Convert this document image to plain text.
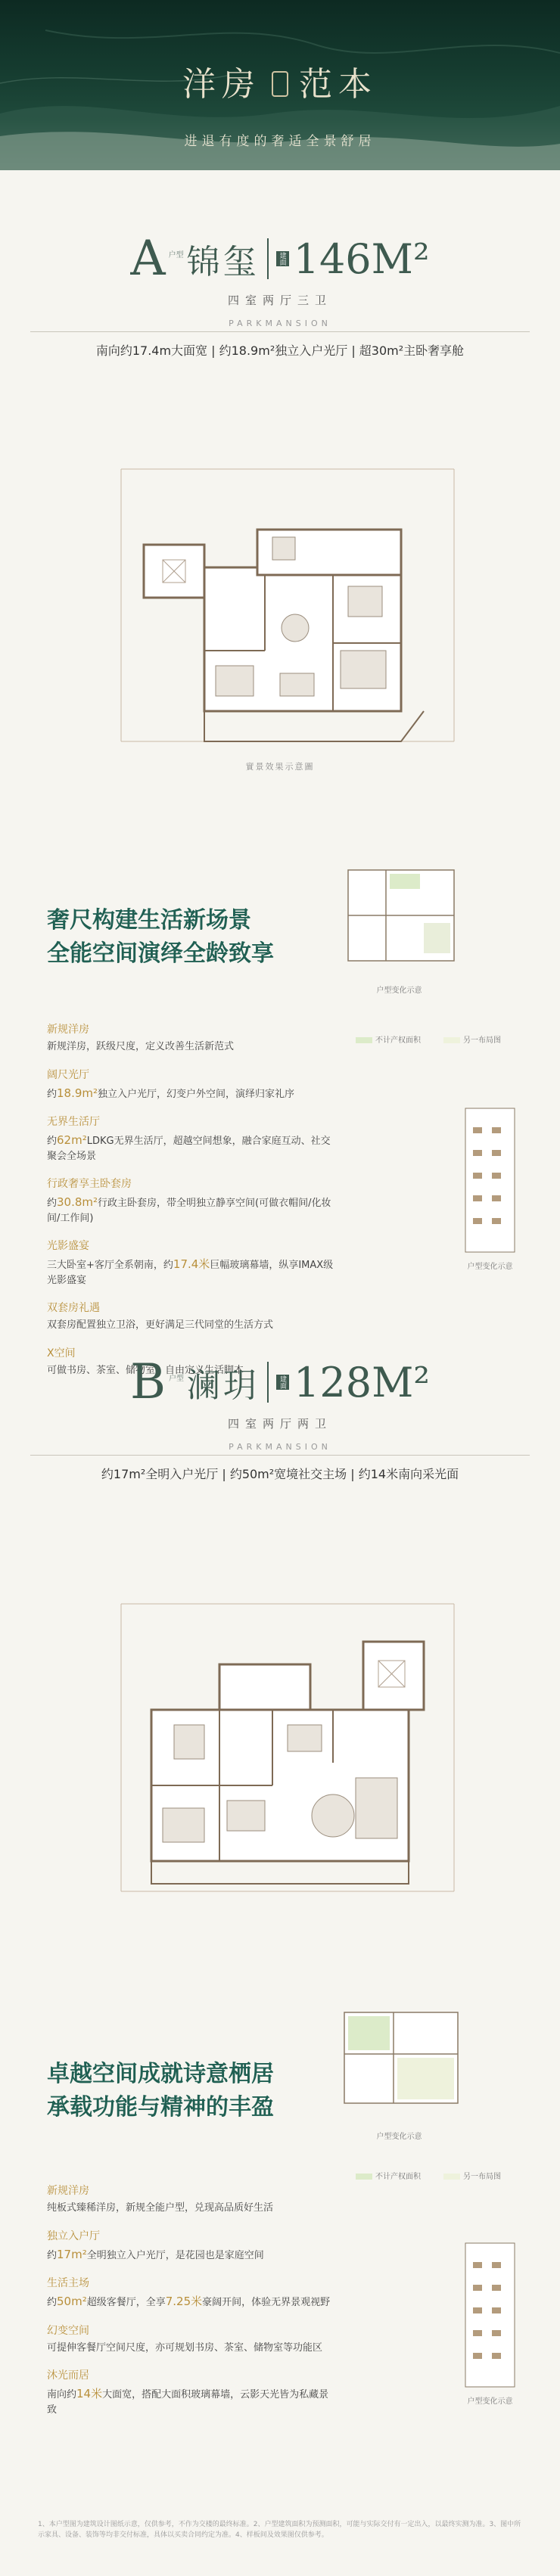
洋房 范本
进退有度的奢适全景舒居
A 户型 锦玺	建面 146M²
四室两厅三卫
PARKMANSION
南向约17.4m大面宽 | 约18.9m²独立入户光厅 | 超30m²主卧奢享舱
實景效果示意圖
奢尺构建生活新场景
全能空间演绎全龄致享
户型变化示意
不计产权面积	另一布局图
新规洋房
新规洋房，跃级尺度，定义改善生活新范式
阔尺光厅
约18.9m²独立入户光厅，幻变户外空间，演绎归家礼序
无界生活厅
约62m²LDKG无界生活厅，超越空间想象，融合家庭互动、社交聚会全场景
行政奢享主卧套房
约30.8m²行政主卧套房，带全明独立静享空间(可做衣帽间/化妆间/工作间)
光影盛宴
三大卧室+客厅全系朝南，约17.4米巨幅玻璃幕墙，纵享IMAX级光影盛宴
双套房礼遇
双套房配置独立卫浴，更好满足三代同堂的生活方式
X空间
可做书房、茶室、储物室，自由定义生活脚本
户型变化示意
B 户型 澜玥	建面 128M²
四室两厅两卫
PARKMANSION
约17m²全明入户光厅 | 约50m²宽境社交主场 | 约14米南向采光面
卓越空间成就诗意栖居
承载功能与精神的丰盈
户型变化示意
不计产权面积	另一布局图
新规洋房
纯板式臻稀洋房，新规全能户型，兑现高品质好生活
独立入户厅
约17m²全明独立入户光厅，是花园也是家庭空间
生活主场
约50m²超级客餐厅，全享7.25米豪阔开间，体验无界景观视野
幻变空间
可提伸客餐厅空间尺度，亦可规划书房、茶室、储物室等功能区
沐光而居
南向约14米大面宽，搭配大面积玻璃幕墙，云影天光皆为私藏景致
户型变化示意
1、本户型图为建筑设计图纸示意，仅供参考，不作为交楼的最终标准。2、户型建筑面积为预测面积，可能与实际交付有一定出入，以最终实测为准。3、图中所示家具、设备、装饰等均非交付标准，具体以买卖合同约定为准。4、样板间及效果图仅供参考。
